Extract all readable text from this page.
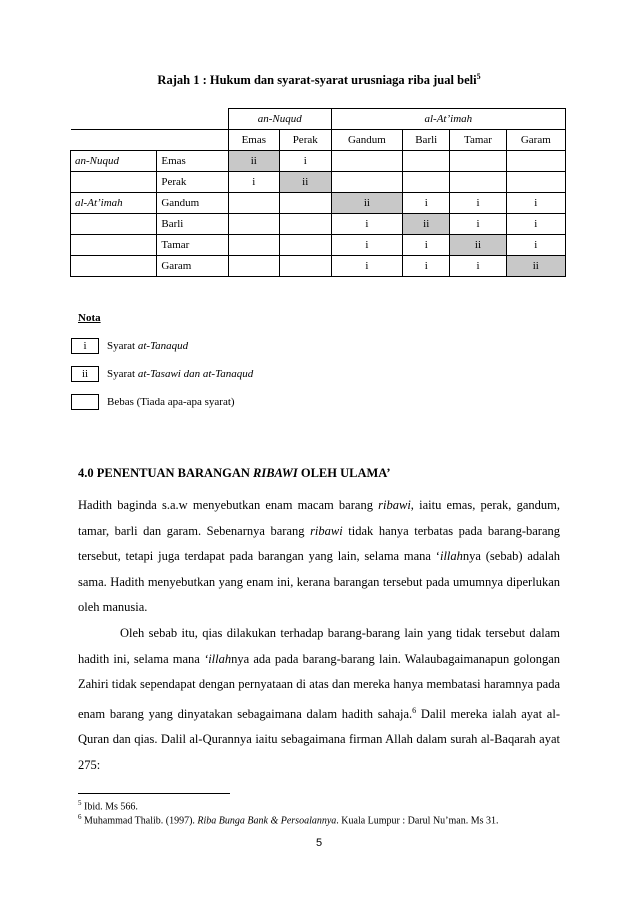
Rajah 1 : Hukum dan syarat-syarat urusniaga riba jual beli$^5$
		an-Nuqud		al-At’imah			
		Emas	Perak	Gandum	Barli	Tamar	Garam
an-Nuqud	Emas	ii	i				
	Perak	i	ii				
al-At’imah	Gandum			ii	i	i	i
	Barli			i	ii	i	i
	Tamar			i	i	ii	i
	Garam			i	i	i	ii
Nota
i	Syarat at-Tanaqud
ii	Syarat at-Tasawi dan at-Tanaqud
Bebas (Tiada apa-apa syarat)
4.0 PENENTUAN BARANGAN RIBAWI OLEH ULAMA’
Hadith baginda s.a.w menyebutkan enam macam barang ribawi, iaitu emas, perak, gandum, tamar, barli dan garam. Sebenarnya barang ribawi tidak hanya terbatas pada barang-barang tersebut, tetapi juga terdapat pada barangan yang lain, selama mana ‘illahnya (sebab) adalah sama. Hadith menyebutkan yang enam ini, kerana barangan tersebut pada umumnya diperlukan oleh manusia.
Oleh sebab itu, qias dilakukan terhadap barang-barang lain yang tidak tersebut dalam hadith ini, selama mana ‘illahnya ada pada barang-barang lain. Walaubagaimanapun golongan Zahiri tidak sependapat dengan pernyataan di atas dan mereka hanya membatasi haramnya pada enam barang yang dinyatakan sebagaimana dalam hadith sahaja.$^6$ Dalil mereka ialah ayat al-Quran dan qias. Dalil al-Qurannya iaitu sebagaimana firman Allah dalam surah al-Baqarah ayat 275:
$^5$ Ibid. Ms 566.
$^6$ Muhammad Thalib. (1997). Riba Bunga Bank & Persoalannya. Kuala Lumpur : Darul Nu’man. Ms 31.
5
